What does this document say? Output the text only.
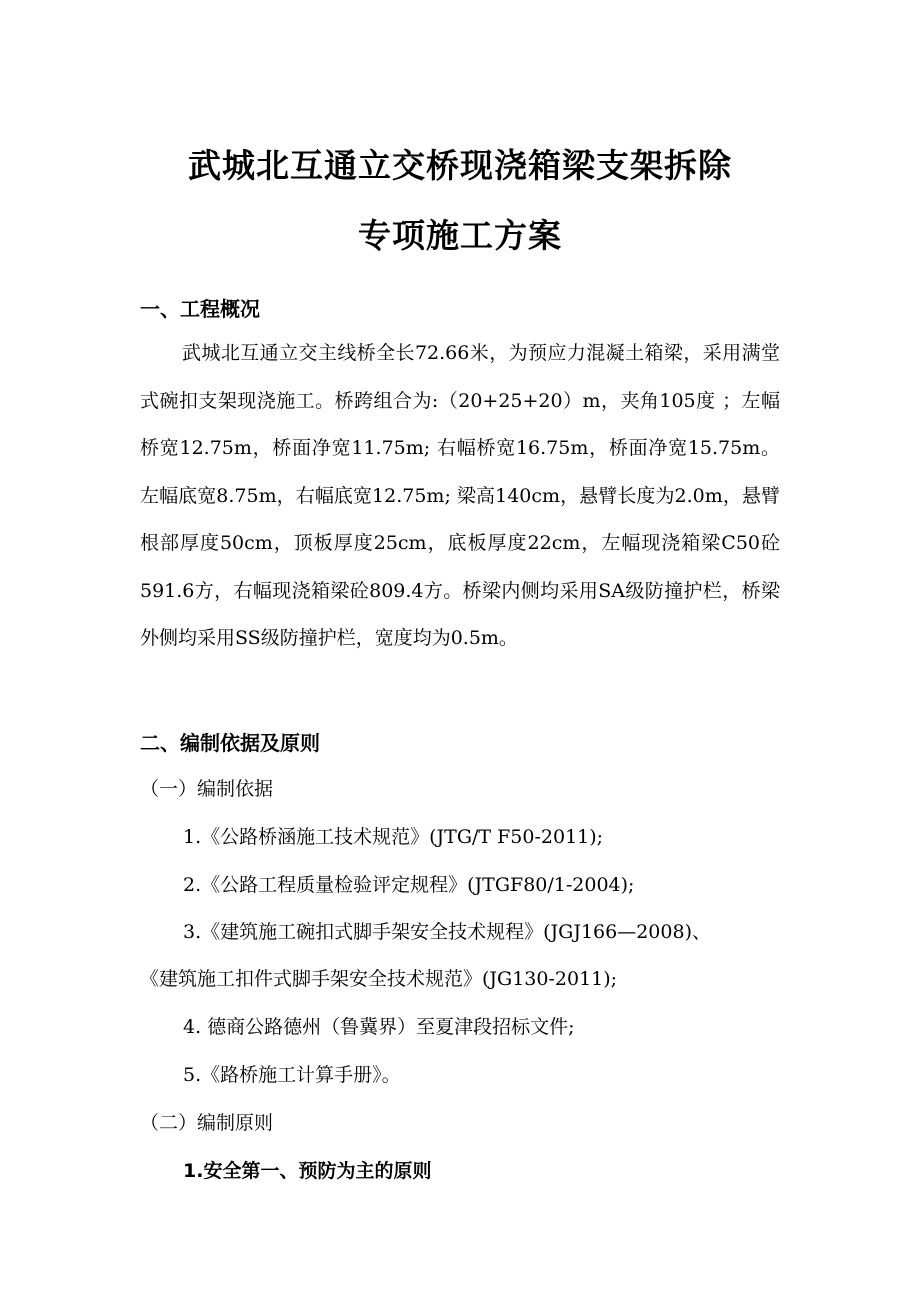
武城北互通立交桥现浇箱梁支架拆除
专项施工方案
一、工程概况
武城北互通立交主线桥全长72.66米，为预应力混凝土箱梁，采用满堂式碗扣支架现浇施工。桥跨组合为:（20+25+20）m，夹角105度 ；左幅桥宽12.75m，桥面净宽11.75m; 右幅桥宽16.75m，桥面净宽15.75m。左幅底宽8.75m，右幅底宽12.75m; 梁高140cm，悬臂长度为2.0m，悬臂根部厚度50cm，顶板厚度25cm，底板厚度22cm，左幅现浇箱梁C50砼591.6方，右幅现浇箱梁砼809.4方。桥梁内侧均采用SA级防撞护栏，桥梁外侧均采用SS级防撞护栏，宽度均为0.5m。
二、编制依据及原则
（一）编制依据
1.《公路桥涵施工技术规范》(JTG/T F50-2011);
2.《公路工程质量检验评定规程》(JTGF80/1-2004);
3.《建筑施工碗扣式脚手架安全技术规程》(JGJ166—2008)、
《建筑施工扣件式脚手架安全技术规范》(JG130-2011);
4. 德商公路德州（鲁冀界）至夏津段招标文件;
5.《路桥施工计算手册》。
（二）编制原则
1.安全第一、预防为主的原则
